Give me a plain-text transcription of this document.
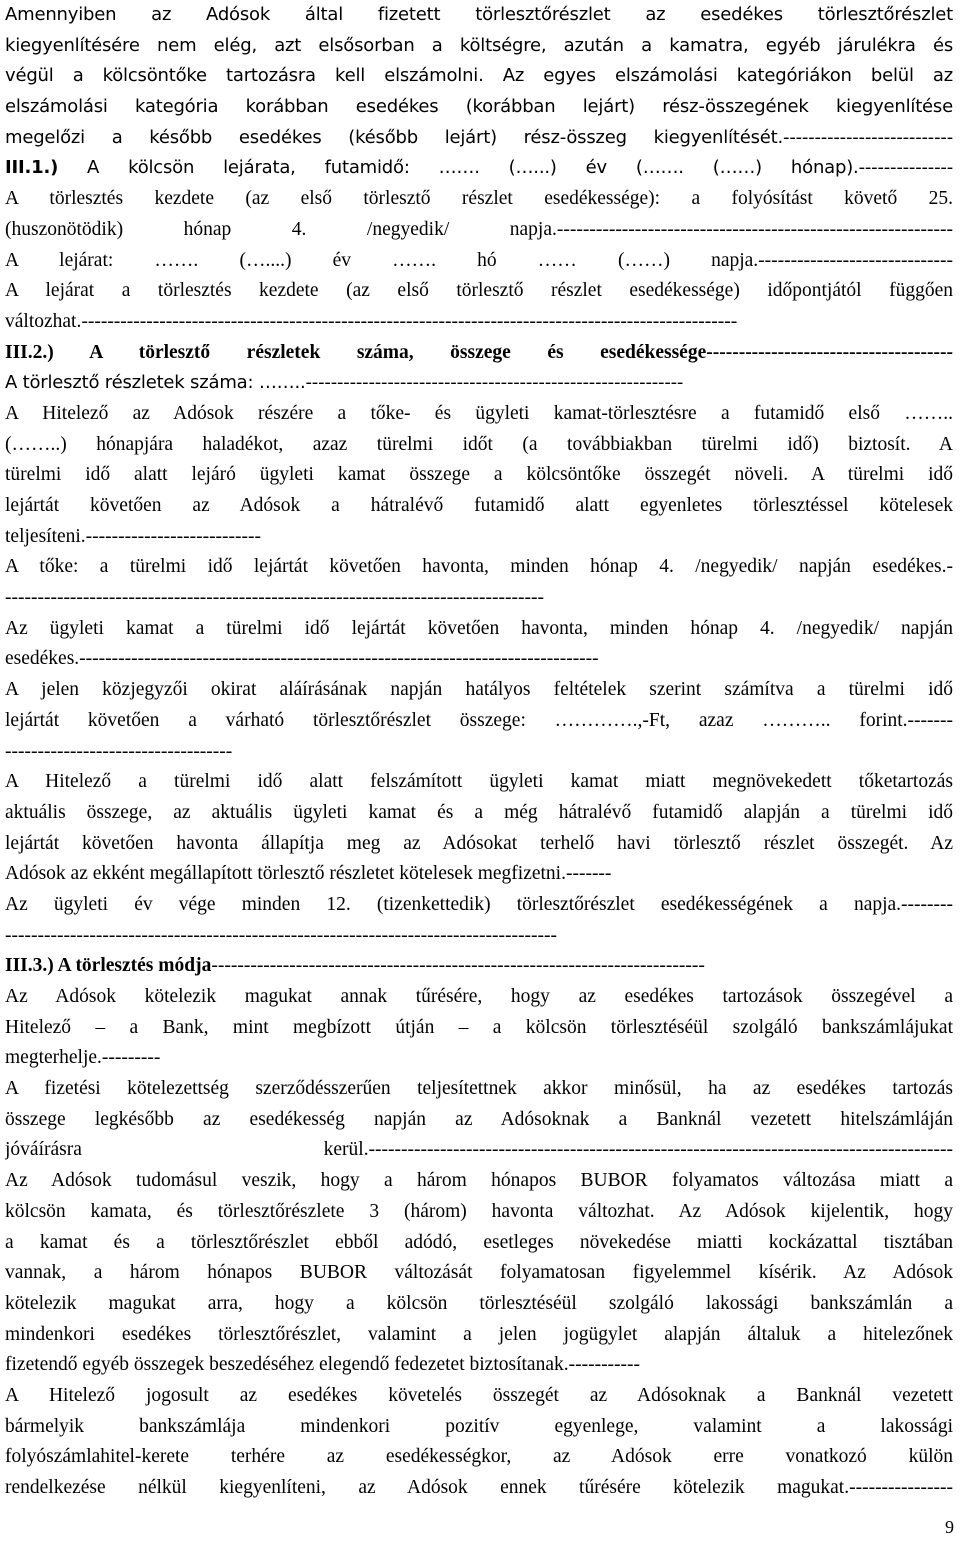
Amennyiben az Adósok által fizetett törlesztőrészlet az esedékes törlesztőrészlet

kiegyenlítésére nem elég, azt elsősorban a költségre, azután a kamatra, egyéb járulékra és

végül a kölcsöntőke tartozásra kell elszámolni. Az egyes elszámolási kategóriákon belül az

elszámolási kategória korábban esedékes (korábban lejárt) rész-összegének kiegyenlítése

megelőzi a később esedékes (később lejárt) rész-összeg kiegyenlítését.---------------------------

III.1.) A kölcsön lejárata, futamidő: ……. (…...) év (……. (……) hónap).---------------

A törlesztés kezdete (az első törlesztő részlet esedékessége): a folyósítást követő 25.

(huszonötödik) hónap 4. /negyedik/ napja.-------------------------------------------------------------

A lejárat: ……. (…....) év ……. hó …… (……) napja.------------------------------

A lejárat a törlesztés kezdete (az első törlesztő részlet esedékessége) időpontjától függően

változhat.-----------------------------------------------------------------------------------------------------

III.2.) A törlesztő részletek száma, összege és esedékessége--------------------------------------

A törlesztő részletek száma: ……..------------------------------------------------------------

A Hitelező az Adósok részére a tőke- és ügyleti kamat-törlesztésre a futamidő első ……..

(……..) hónapjára haladékot, azaz türelmi időt (a továbbiakban türelmi idő) biztosít. A

türelmi idő alatt lejáró ügyleti kamat összege a kölcsöntőke összegét növeli. A türelmi idő

lejártát követően az Adósok a hátralévő futamidő alatt egyenletes törlesztéssel kötelesek

teljesíteni.---------------------------

A tőke: a türelmi idő lejártát követően havonta, minden hónap 4. /negyedik/ napján esedékes.-

-----------------------------------------------------------------------------------

Az ügyleti kamat a türelmi idő lejártát követően havonta, minden hónap 4. /negyedik/ napján

esedékes.--------------------------------------------------------------------------------

A jelen közjegyzői okirat aláírásának napján hatályos feltételek szerint számítva a türelmi idő

lejártát követően a várható törlesztőrészlet összege: ………….,-Ft, azaz ……….. forint.-------

-----------------------------------

A Hitelező a türelmi idő alatt felszámított ügyleti kamat miatt megnövekedett tőketartozás

aktuális összege, az aktuális ügyleti kamat és a még hátralévő futamidő alapján a türelmi idő

lejártát követően havonta állapítja meg az Adósokat terhelő havi törlesztő részlet összegét. Az

Adósok az ekként megállapított törlesztő részletet kötelesek megfizetni.-------

Az ügyleti év vége minden 12. (tizenkettedik) törlesztőrészlet esedékességének a napja.--------

-------------------------------------------------------------------------------------

III.3.) A törlesztés módja----------------------------------------------------------------------------

Az Adósok kötelezik magukat annak tűrésére, hogy az esedékes tartozások összegével a

Hitelező – a Bank, mint megbízott útján – a kölcsön törlesztéséül szolgáló bankszámlájukat

megterhelje.---------

A fizetési kötelezettség szerződésszerűen teljesítettnek akkor minősül, ha az esedékes tartozás

összege legkésőbb az esedékesség napján az Adósoknak a Banknál vezetett hitelszámláján

jóváírásra kerül.------------------------------------------------------------------------------------------

Az Adósok tudomásul veszik, hogy a három hónapos BUBOR folyamatos változása miatt a

kölcsön kamata, és törlesztőrészlete 3 (három) havonta változhat. Az Adósok kijelentik, hogy

a kamat és a törlesztőrészlet ebből adódó, esetleges növekedése miatti kockázattal tisztában

vannak, a három hónapos BUBOR változását folyamatosan figyelemmel kísérik. Az Adósok

kötelezik magukat arra, hogy a kölcsön törlesztéséül szolgáló lakossági bankszámlán a

mindenkori esedékes törlesztőrészlet, valamint a jelen jogügylet alapján általuk a hitelezőnek

fizetendő egyéb összegek beszedéséhez elegendő fedezetet biztosítanak.-----------

A Hitelező jogosult az esedékes követelés összegét az Adósoknak a Banknál vezetett

bármelyik bankszámlája mindenkori pozitív egyenlege, valamint a lakossági

folyószámlahitel-kerete terhére az esedékességkor, az Adósok erre vonatkozó külön

rendelkezése nélkül kiegyenlíteni, az Adósok ennek tűrésére kötelezik magukat.----------------

9
